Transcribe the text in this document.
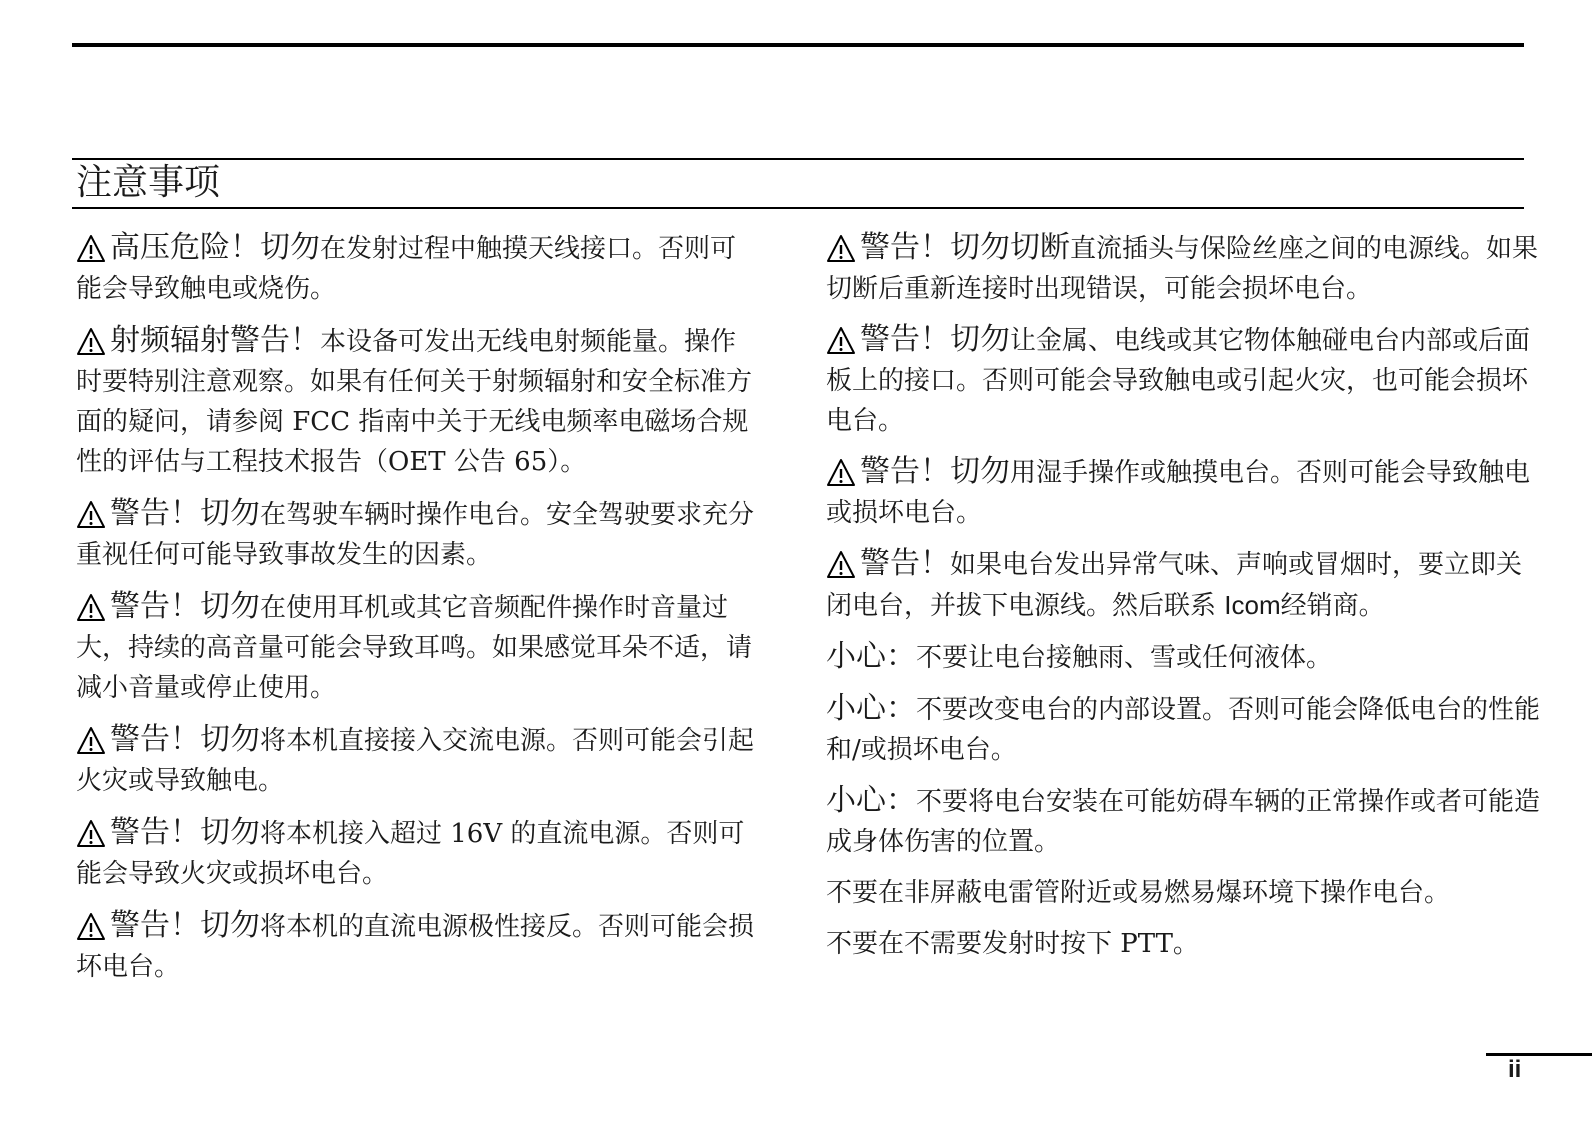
注意事项

高压危险！切勿在发射过程中触摸天线接口。否则可能会导致触电或烧伤。

射频辐射警告！本设备可发出无线电射频能量。操作时要特别注意观察。如果有任何关于射频辐射和安全标准方面的疑问，请参阅 FCC 指南中关于无线电频率电磁场合规性的评估与工程技术报告（OET 公告 65）。

警告！切勿在驾驶车辆时操作电台。安全驾驶要求充分重视任何可能导致事故发生的因素。

警告！切勿在使用耳机或其它音频配件操作时音量过大，持续的高音量可能会导致耳鸣。如果感觉耳朵不适，请减小音量或停止使用。

警告！切勿将本机直接接入交流电源。否则可能会引起火灾或导致触电。

警告！切勿将本机接入超过 16V 的直流电源。否则可能会导致火灾或损坏电台。

警告！切勿将本机的直流电源极性接反。否则可能会损坏电台。

警告！切勿切断直流插头与保险丝座之间的电源线。如果切断后重新连接时出现错误，可能会损坏电台。

警告！切勿让金属、电线或其它物体触碰电台内部或后面板上的接口。否则可能会导致触电或引起火灾，也可能会损坏电台。

警告！切勿用湿手操作或触摸电台。否则可能会导致触电或损坏电台。

警告！如果电台发出异常气味、声响或冒烟时，要立即关闭电台，并拔下电源线。然后联系 Icom经销商。

小心：不要让电台接触雨、雪或任何液体。

小心：不要改变电台的内部设置。否则可能会降低电台的性能和/或损坏电台。

小心：不要将电台安装在可能妨碍车辆的正常操作或者可能造成身体伤害的位置。

不要在非屏蔽电雷管附近或易燃易爆环境下操作电台。

不要在不需要发射时按下 PTT。

ii
